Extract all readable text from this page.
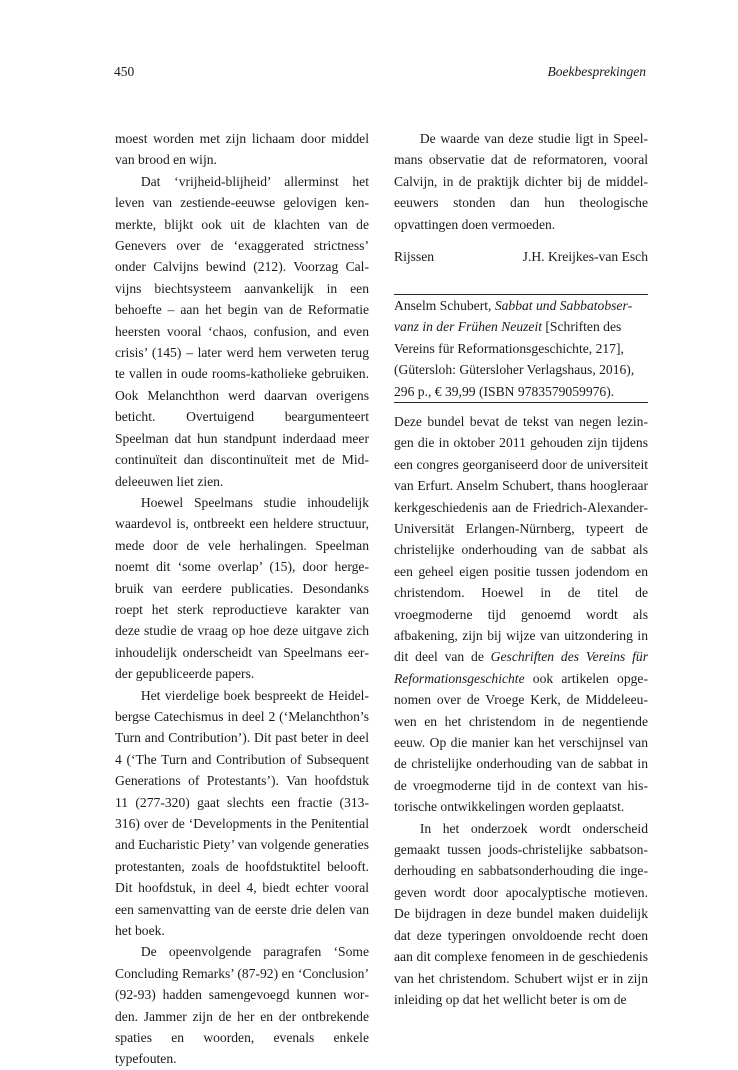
450	Boekbesprekingen

moest worden met zijn lichaam door middel van brood en wijn.

Dat ‘vrijheid-blijheid’ allerminst het leven van zestiende-eeuwse gelovigen kenmerkte, blijkt ook uit de klachten van de Genevers over de ‘exaggerated strictness’ onder Calvijns bewind (212). Voorzag Calvijns biechtsysteem aanvankelijk in een behoefte – aan het begin van de Reformatie heersten vooral ‘chaos, confusion, and even crisis’ (145) – later werd hem verweten terug te vallen in oude rooms-katholieke gebruiken. Ook Melanchthon werd daarvan overigens beticht. Overtuigend beargumenteert Speelman dat hun standpunt inderdaad meer continuïteit dan discontinuïteit met de Middeleeuwen liet zien.

Hoewel Speelmans studie inhoudelijk waardevol is, ontbreekt een heldere structuur, mede door de vele herhalingen. Speelman noemt dit ‘some overlap’ (15), door hergebruik van eerdere publicaties. Desondanks roept het sterk reproductieve karakter van deze studie de vraag op hoe deze uitgave zich inhoudelijk onderscheidt van Speelmans eerder gepubliceerde papers.

Het vierdelige boek bespreekt de Heidelbergse Catechismus in deel 2 (‘Melanchthon’s Turn and Contribution’). Dit past beter in deel 4 (‘The Turn and Contribution of Subsequent Generations of Protestants’). Van hoofdstuk 11 (277-320) gaat slechts een fractie (313-316) over de ‘Developments in the Penitential and Eucharistic Piety’ van volgende generaties protestanten, zoals de hoofdstuktitel belooft. Dit hoofdstuk, in deel 4, biedt echter vooral een samenvatting van de eerste drie delen van het boek.

De opeenvolgende paragrafen ‘Some Concluding Remarks’ (87-92) en ‘Conclusion’ (92-93) hadden samengevoegd kunnen worden. Jammer zijn de her en der ontbrekende spaties en woorden, evenals enkele typefouten.

De waarde van deze studie ligt in Speelmans observatie dat de reformatoren, vooral Calvijn, in de praktijk dichter bij de middeleeuwers stonden dan hun theologische opvattingen doen vermoeden.

Rijssen	J.H. Kreijkes-van Esch

Anselm Schubert, Sabbat und Sabbatobservanz in der Frühen Neuzeit [Schriften des Vereins für Reformationsgeschichte, 217], (Gütersloh: Gütersloher Verlagshaus, 2016), 296 p., € 39,99 (ISBN 9783579059976).

Deze bundel bevat de tekst van negen lezingen die in oktober 2011 gehouden zijn tijdens een congres georganiseerd door de universiteit van Erfurt. Anselm Schubert, thans hoogleraar kerkgeschiedenis aan de Friedrich-Alexander-Universität Erlangen-Nürnberg, typeert de christelijke onderhouding van de sabbat als een geheel eigen positie tussen jodendom en christendom. Hoewel in de titel de vroegmoderne tijd genoemd wordt als afbakening, zijn bij wijze van uitzondering in dit deel van de Geschriften des Vereins für Reformationsgeschichte ook artikelen opgenomen over de Vroege Kerk, de Middeleeuwen en het christendom in de negentiende eeuw. Op die manier kan het verschijnsel van de christelijke onderhouding van de sabbat in de vroegmoderne tijd in de context van historische ontwikkelingen worden geplaatst.

In het onderzoek wordt onderscheid gemaakt tussen joods-christelijke sabbatsonderhouding en sabbatsonderhouding die ingegeven wordt door apocalyptische motieven. De bijdragen in deze bundel maken duidelijk dat deze typeringen onvoldoende recht doen aan dit complexe fenomeen in de geschiedenis van het christendom. Schubert wijst er in zijn inleiding op dat het wellicht beter is om de
